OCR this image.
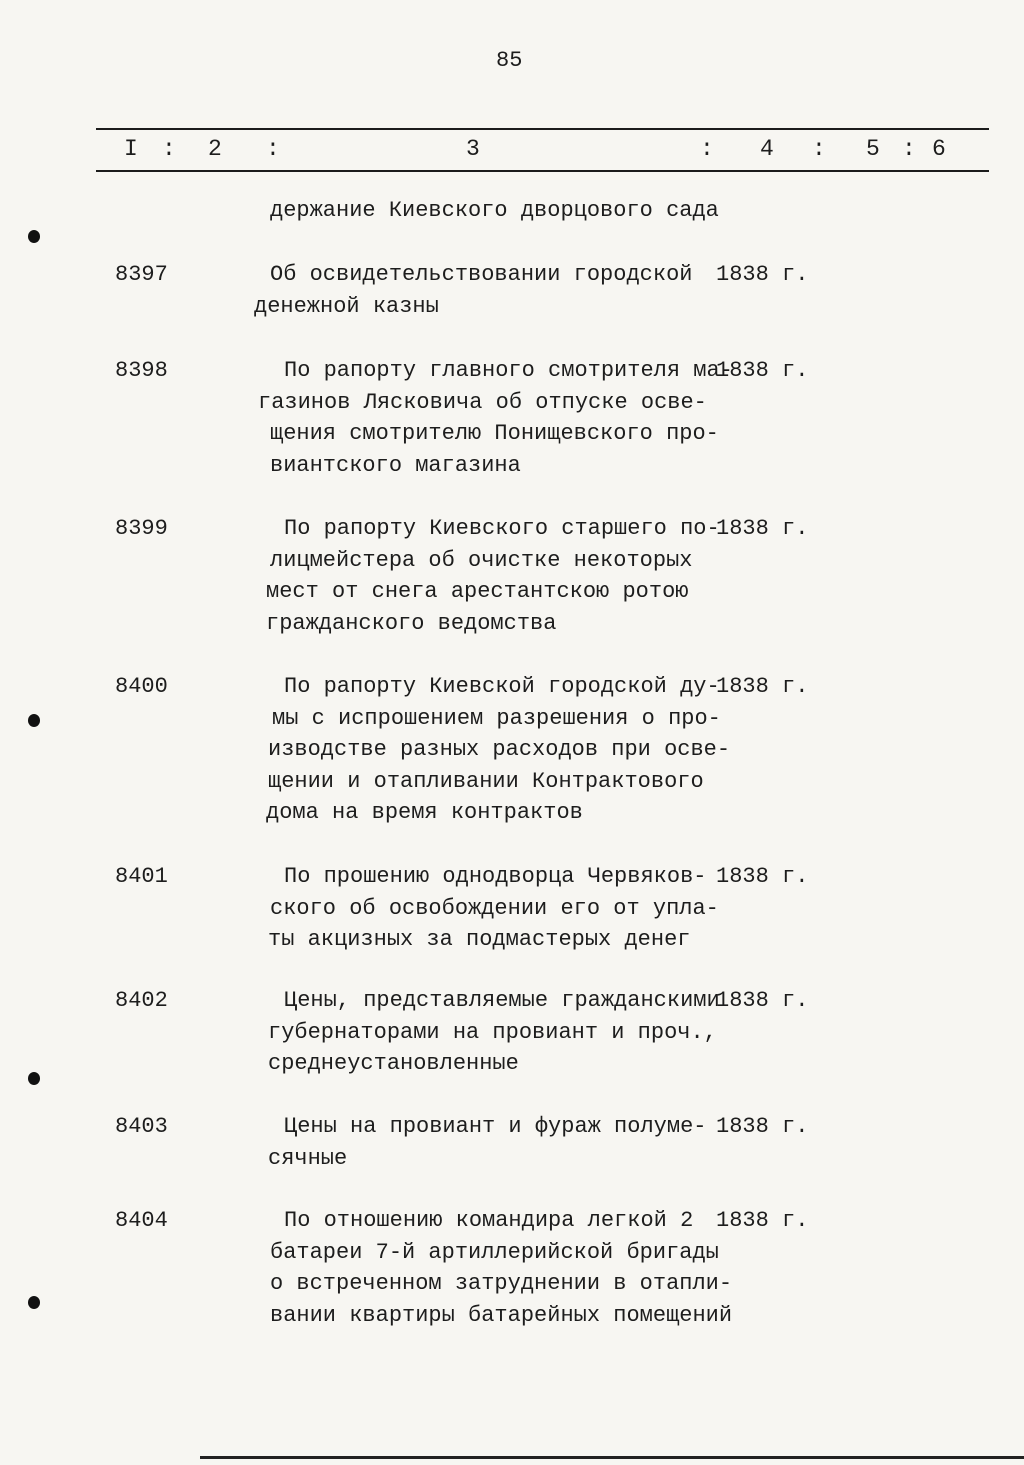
85
I : 2 :	3	: 4 : 5 : 6
держание Киевского дворцового сада
8397	Об освидетельствовании городской
денежной казны
1838 г.
8398	По рапорту главного смотрителя ма-
газинов Лясковича об отпуске осве-
щения смотрителю Понищевского про-
виантского магазина
1838 г.
8399	По рапорту Киевского старшего по-
лицмейстера об очистке некоторых
мест от снега арестантскою ротою
гражданского ведомства
1838 г.
8400	По рапорту Киевской городской ду-
мы с испрошением разрешения о про-
изводстве разных расходов при осве-
щении и отапливании Контрактового
дома на время контрактов
1838 г.
8401	По прошению однодворца Червяков-
ского об освобождении его от упла-
ты акцизных за подмастерых денег
1838 г.
8402	Цены, представляемые гражданскими
губернаторами на провиант и проч.,
среднеустановленные
1838 г.
8403	Цены на провиант и фураж полуме-
сячные
1838 г.
8404	По отношению командира легкой 2
батареи 7-й артиллерийской бригады
о встреченном затруднении в отапли-
вании квартиры батарейных помещений
1838 г.
